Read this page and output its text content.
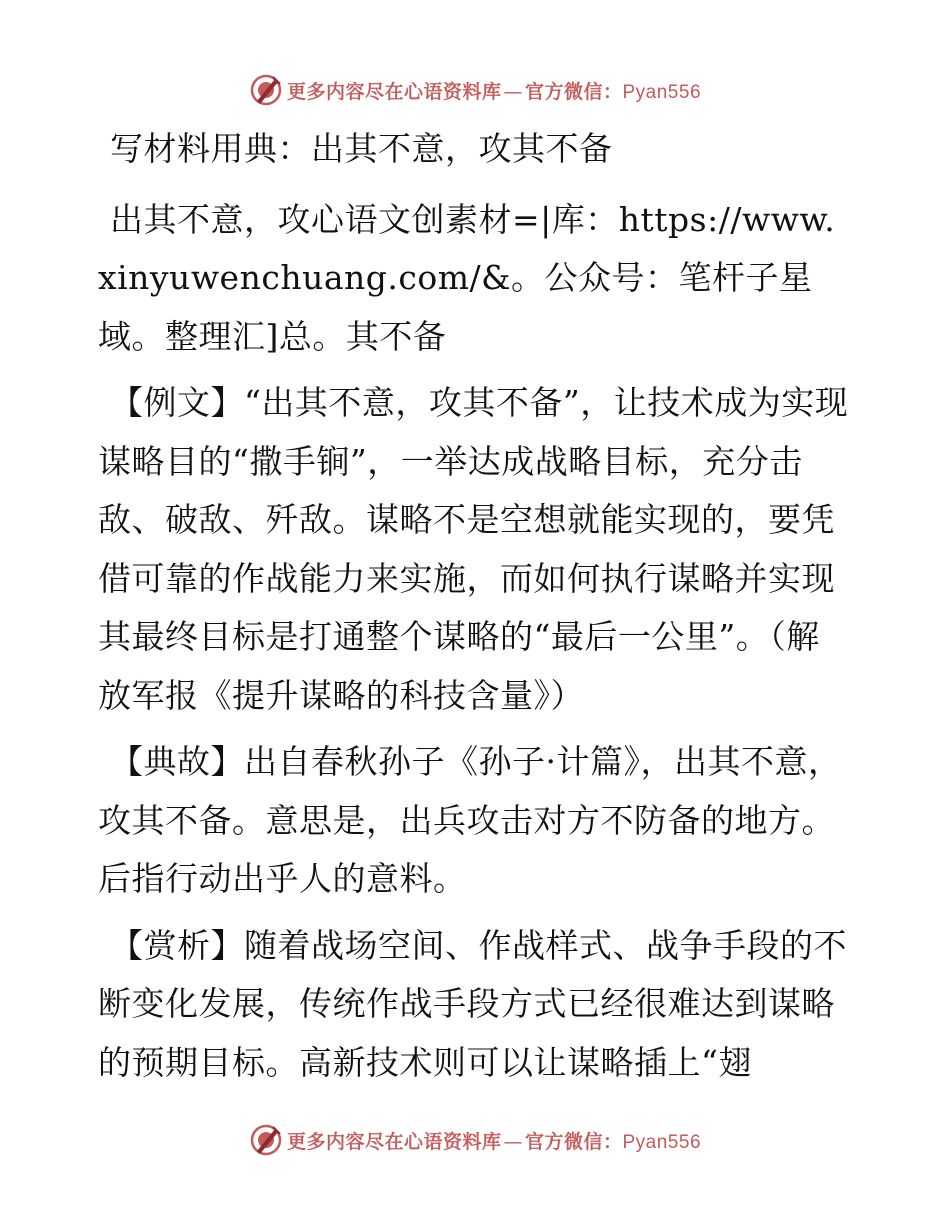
更多内容尽在心语资料库 — 官方微信：Pyan556

写材料用典：出其不意，攻其不备

出其不意，攻心语文创素材=|库：https://www.xinyuwenchuang.com/&。公众号：笔杆子星域。整理汇]总。其不备

【例文】“出其不意，攻其不备”，让技术成为实现谋略目的“撒手锏”，一举达成战略目标，充分击敌、破敌、歼敌。谋略不是空想就能实现的，要凭借可靠的作战能力来实施，而如何执行谋略并实现其最终目标是打通整个谋略的“最后一公里”。（解放军报《提升谋略的科技含量》）

【典故】出自春秋孙子《孙子·计篇》，出其不意，攻其不备。意思是，出兵攻击对方不防备的地方。后指行动出乎人的意料。

【赏析】随着战场空间、作战样式、战争手段的不断变化发展，传统作战手段方式已经很难达到谋略的预期目标。高新技术则可以让谋略插上“翅

更多内容尽在心语资料库 — 官方微信：Pyan556
